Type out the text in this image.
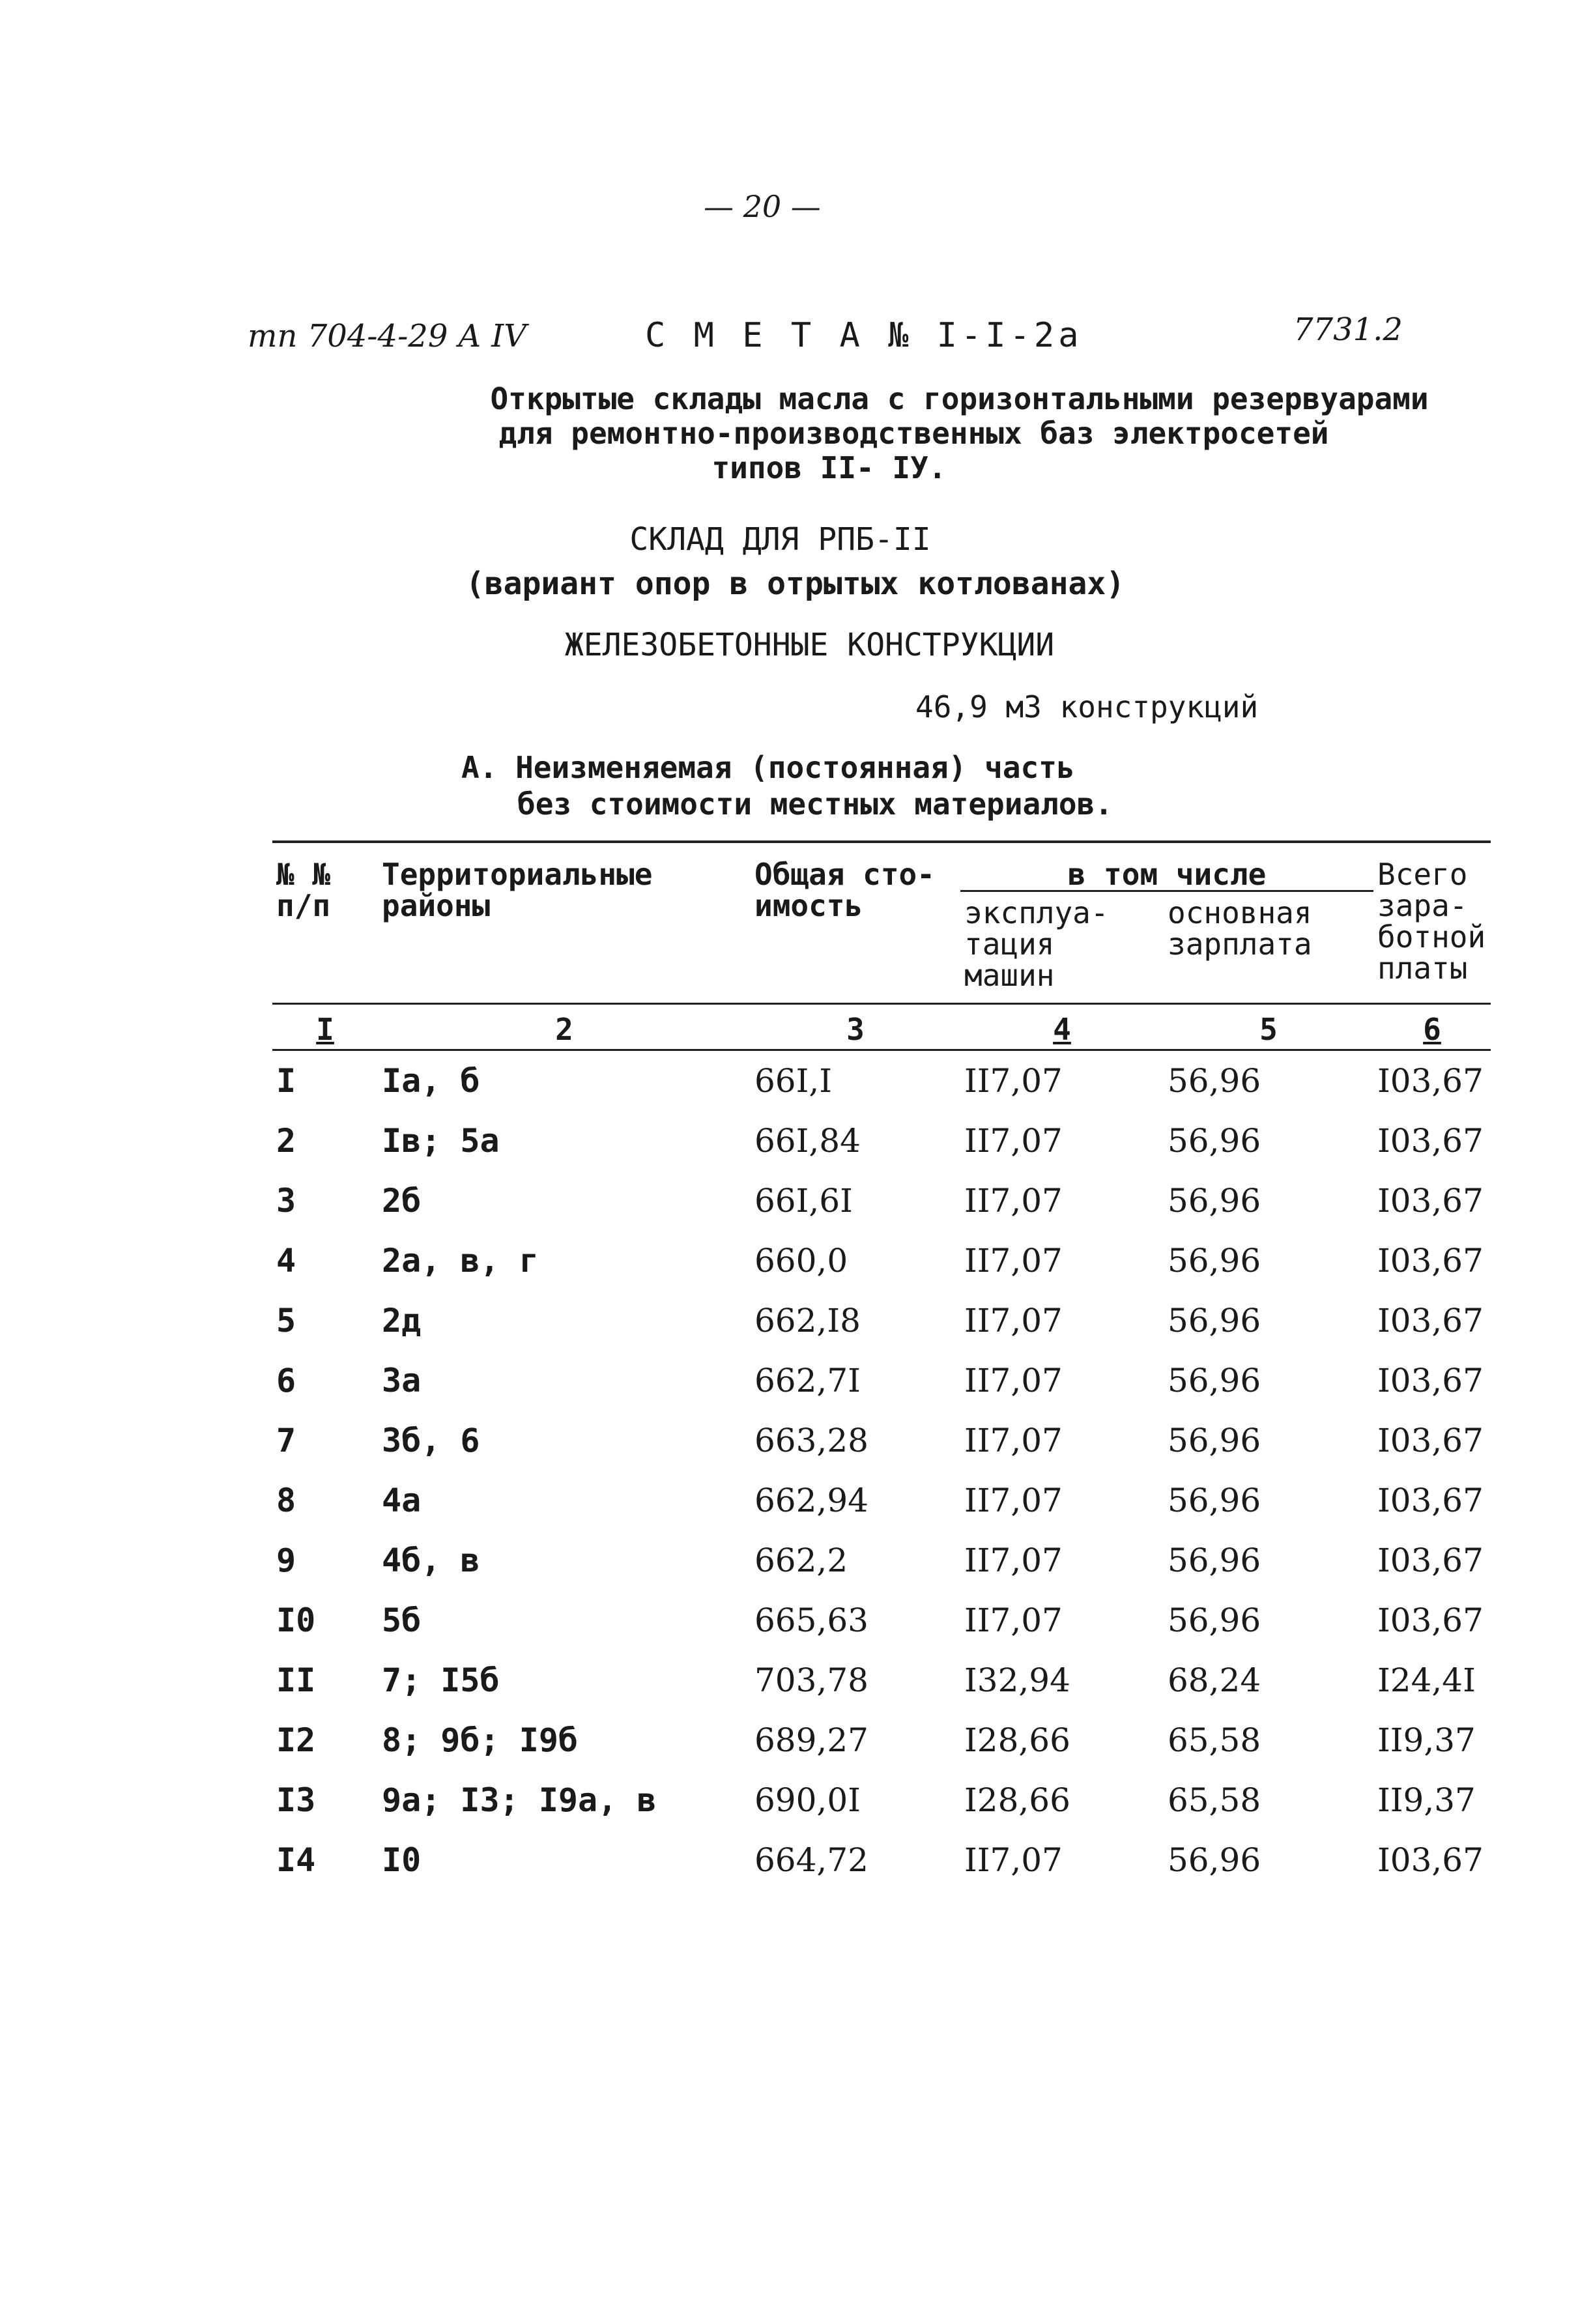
— 20 —
тп 704-4-29 А IV	С М Е Т А № I-I-2а	7731.2
Открытые склады масла с горизонтальными резервуарами
для ремонтно-производственных баз электросетей
типов II- IУ.
СКЛАД ДЛЯ РПБ-II
(вариант опор в отрытых котлованах)
ЖЕЛЕЗОБЕТОННЫЕ КОНСТРУКЦИИ
46,9 м3 конструкций
А. Неизменяемая (постоянная) часть
без стоимости местных материалов.
№ № п/п	Территориальные районы	Общая сто-имость	в том числе		Всего зара-ботной платы
			эксплуа-тация машин	основная зарплата	
I	2	3	4	5	6
I	Iа, б	66I,I	II7,07	56,96	I03,67
2	Iв; 5а	66I,84	II7,07	56,96	I03,67
3	2б	66I,6I	II7,07	56,96	I03,67
4	2а, в, г	660,0	II7,07	56,96	I03,67
5	2д	662,I8	II7,07	56,96	I03,67
6	3а	662,7I	II7,07	56,96	I03,67
7	3б, 6	663,28	II7,07	56,96	I03,67
8	4а	662,94	II7,07	56,96	I03,67
9	4б, в	662,2	II7,07	56,96	I03,67
I0	5б	665,63	II7,07	56,96	I03,67
II	7; I5б	703,78	I32,94	68,24	I24,4I
I2	8; 9б; I9б	689,27	I28,66	65,58	II9,37
I3	9а; I3; I9а, в	690,0I	I28,66	65,58	II9,37
I4	I0	664,72	II7,07	56,96	I03,67
